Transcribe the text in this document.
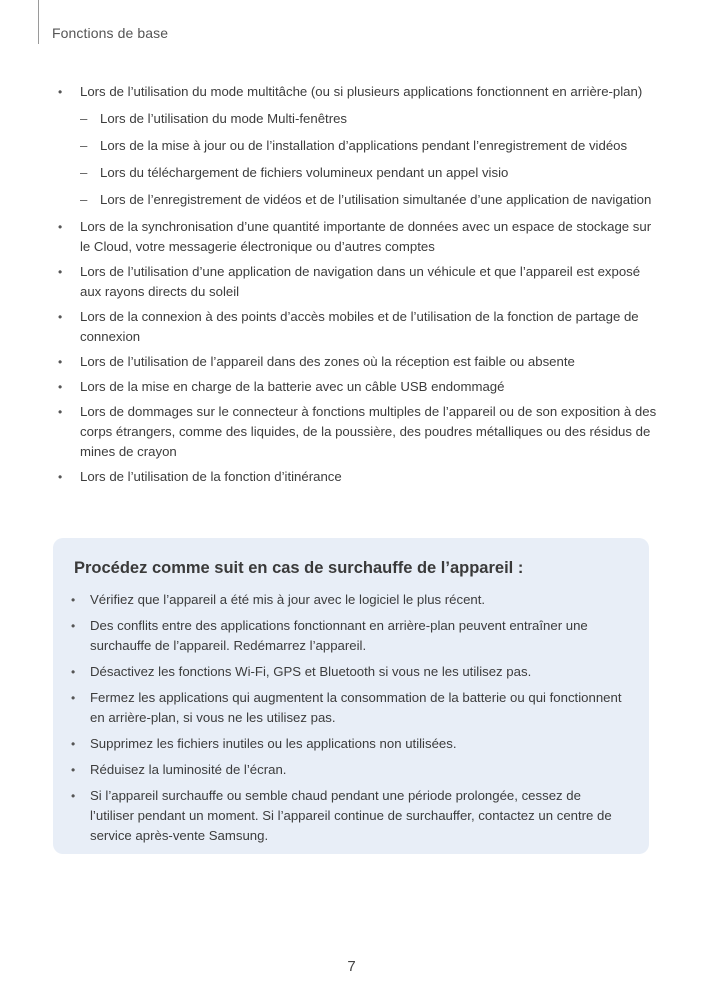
Fonctions de base
• Lors de l’utilisation du mode multitâche (ou si plusieurs applications fonctionnent en arrière-plan)
– Lors de l’utilisation du mode Multi-fenêtres
– Lors de la mise à jour ou de l’installation d’applications pendant l’enregistrement de vidéos
– Lors du téléchargement de fichiers volumineux pendant un appel visio
– Lors de l’enregistrement de vidéos et de l’utilisation simultanée d’une application de navigation
• Lors de la synchronisation d’une quantité importante de données avec un espace de stockage sur le Cloud, votre messagerie électronique ou d’autres comptes
• Lors de l’utilisation d’une application de navigation dans un véhicule et que l’appareil est exposé aux rayons directs du soleil
• Lors de la connexion à des points d’accès mobiles et de l’utilisation de la fonction de partage de connexion
• Lors de l’utilisation de l’appareil dans des zones où la réception est faible ou absente
• Lors de la mise en charge de la batterie avec un câble USB endommagé
• Lors de dommages sur le connecteur à fonctions multiples de l’appareil ou de son exposition à des corps étrangers, comme des liquides, de la poussière, des poudres métalliques ou des résidus de mines de crayon
• Lors de l’utilisation de la fonction d’itinérance
Procédez comme suit en cas de surchauffe de l’appareil :
• Vérifiez que l’appareil a été mis à jour avec le logiciel le plus récent.
• Des conflits entre des applications fonctionnant en arrière-plan peuvent entraîner une surchauffe de l’appareil. Redémarrez l’appareil.
• Désactivez les fonctions Wi-Fi, GPS et Bluetooth si vous ne les utilisez pas.
• Fermez les applications qui augmentent la consommation de la batterie ou qui fonctionnent en arrière-plan, si vous ne les utilisez pas.
• Supprimez les fichiers inutiles ou les applications non utilisées.
• Réduisez la luminosité de l’écran.
• Si l’appareil surchauffe ou semble chaud pendant une période prolongée, cessez de l’utiliser pendant un moment. Si l’appareil continue de surchauffer, contactez un centre de service après-vente Samsung.
7
